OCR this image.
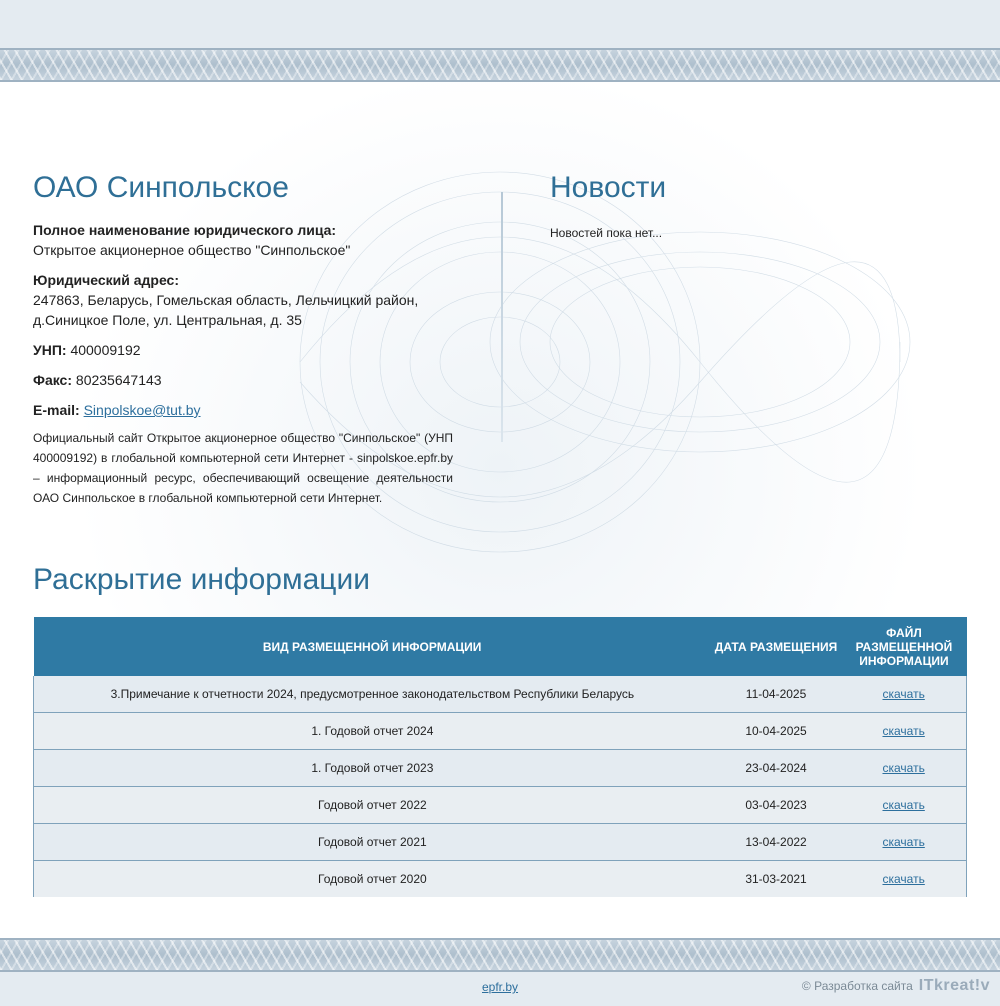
ОАО Синпольское
Полное наименование юридического лица:
Открытое акционерное общество "Синпольское"
Юридический адрес:
247863, Беларусь, Гомельская область, Лельчицкий район, д.Синицкое Поле, ул. Центральная, д. 35
УНП: 400009192
Факс: 80235647143
E-mail: Sinpolskoe@tut.by
Официальный сайт Открытое акционерное общество "Синпольское" (УНП 400009192) в глобальной компьютерной сети Интернет - sinpolskoe.epfr.by – информационный ресурс, обеспечивающий освещение деятельности ОАО Синпольское в глобальной компьютерной сети Интернет.
Новости
Новостей пока нет...
Раскрытие информации
ВИД РАЗМЕЩЕННОЙ ИНФОРМАЦИИ	ДАТА РАЗМЕЩЕНИЯ	ФАЙЛ РАЗМЕЩЕННОЙ ИНФОРМАЦИИ
3.Примечание к отчетности 2024, предусмотренное законодательством Республики Беларусь	11-04-2025	скачать
1. Годовой отчет 2024	10-04-2025	скачать
1. Годовой отчет 2023	23-04-2024	скачать
Годовой отчет 2022	03-04-2023	скачать
Годовой отчет 2021	13-04-2022	скачать
Годовой отчет 2020	31-03-2021	скачать
epfr.by	© Разработка сайта ITkreat!v
